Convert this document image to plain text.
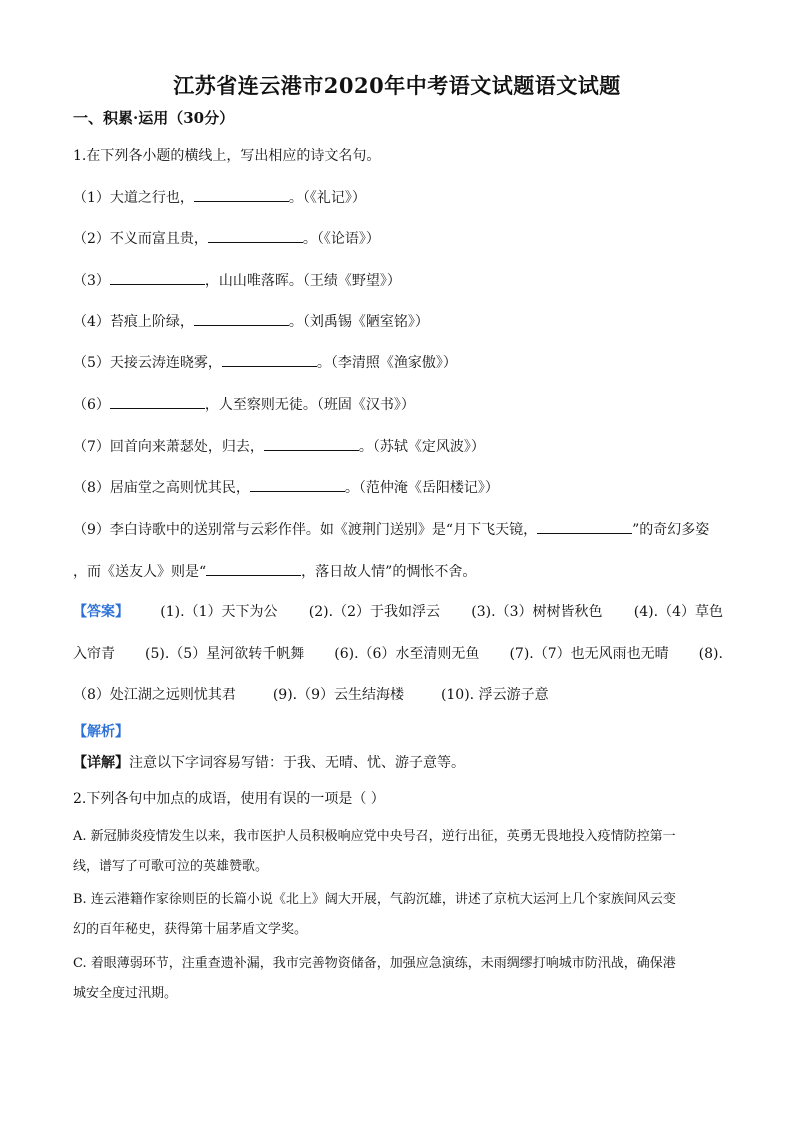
江苏省连云港市2020年中考语文试题语文试题
一、积累·运用（30分）
1.在下列各小题的横线上，写出相应的诗文名句。
（1）大道之行也，	。（《礼记》）
（2）不义而富且贵，	。（《论语》）
（3）	，山山唯落晖。（王绩《野望》）
（4）苔痕上阶绿，	。（刘禹锡《陋室铭》）
（5）天接云涛连晓雾，	。（李清照《渔家傲》）
（6）	，人至察则无徒。（班固《汉书》）
（7）回首向来萧瑟处，归去，	。（苏轼《定风波》）
（8）居庙堂之高则忧其民，	。（范仲淹《岳阳楼记》）
（9）李白诗歌中的送别常与云彩作伴。如《渡荆门送别》是“月下飞天镜，	”的奇幻多姿
，而《送友人》则是“	，落日故人情”的惆怅不舍。
【答案】 (1).（1）天下为公 (2).（2）于我如浮云 (3).（3）树树皆秋色 (4).（4）草色
入帘青 (5).（5）星河欲转千帆舞 (6).（6）水至清则无鱼 (7).（7）也无风雨也无晴 (8).
（8）处江湖之远则忧其君	(9).（9）云生结海楼	(10). 浮云游子意
【解析】
【详解】注意以下字词容易写错：于我、无晴、忧、游子意等。
2.下列各句中加点的成语，使用有误的一项是（ ）
A. 新冠肺炎疫情发生以来，我市医护人员积极响应党中央号召，逆行出征，英勇无畏地投入疫情防控第一
线，谱写了可歌可泣的英雄赞歌。
B. 连云港籍作家徐则臣的长篇小说《北上》阔大开展，气韵沉雄，讲述了京杭大运河上几个家族间风云变
幻的百年秘史，获得第十届茅盾文学奖。
C. 着眼薄弱环节，注重查遗补漏，我市完善物资储备，加强应急演练，未雨绸缪打响城市防汛战，确保港
城安全度过汛期。
